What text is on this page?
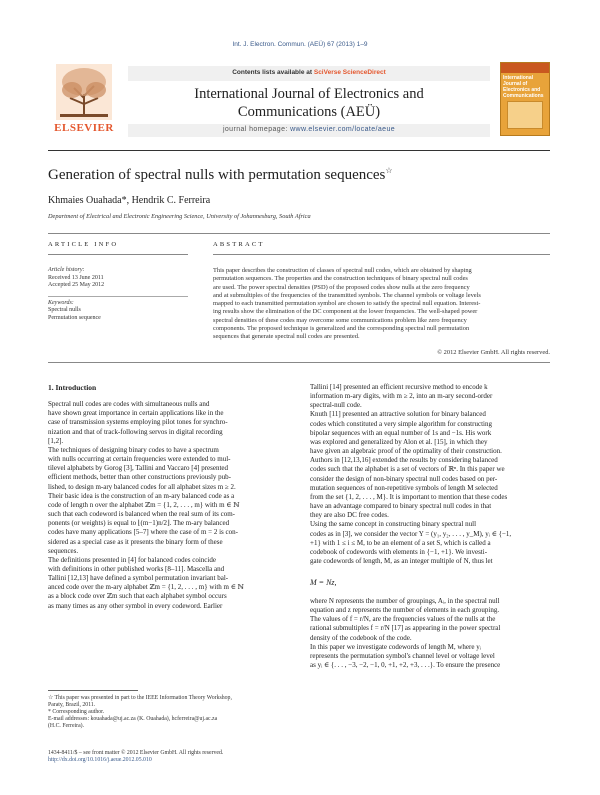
Int. J. Electron. Commun. (AEÜ) 67 (2013) 1–9
ELSEVIER
Contents lists available at SciVerse ScienceDirect
International Journal of Electronics and
Communications (AEÜ)
journal homepage: www.elsevier.com/locate/aeue
International Journal of Electronics and Communications
Generation of spectral nulls with permutation sequences☆
Khmaies Ouahada*, Hendrik C. Ferreira
Department of Electrical and Electronic Engineering Science, University of Johannesburg, South Africa
ARTICLE INFO	ABSTRACT
Article history:
Received 13 June 2011
Accepted 25 May 2012
Keywords:
Spectral nulls
Permutation sequence
This paper describes the construction of classes of spectral null codes, which are obtained by shaping
permutation sequences. The properties and the construction techniques of binary spectral null codes
are used. The power spectral densities (PSD) of the proposed codes show nulls at the zero frequency
and at submultiples of the frequencies of the transmitted symbols. The channel symbols or voltage levels
mapped to each transmitted permutation symbol are chosen to satisfy the spectral null equation. Interest-
ing results show the elimination of the DC component at the lower frequencies. The well-shaped power
spectral densities of these codes may overcome some communications problem like zero frequency
components. The proposed technique is generalized and the corresponding spectral null permutation
sequences that generate spectral null codes are presented.
© 2012 Elsevier GmbH. All rights reserved.
1. Introduction
Spectral null codes are codes with simultaneous nulls and
have shown great importance in certain applications like in the
case of transmission systems employing pilot tones for synchro-
nization and that of track-following servos in digital recording
[1,2].
The techniques of designing binary codes to have a spectrum
with nulls occurring at certain frequencies were extended to mul-
tilevel alphabets by Gorog [3], Tallini and Vaccaro [4] presented
efficient methods, better than other constructions previously pub-
lished, to design m-ary balanced codes for all alphabet sizes m ≥ 2.
Their basic idea is the construction of an m-ary balanced code as a
code of length n over the alphabet ℤm = {1, 2, . . . , m} with m ∈ ℕ
such that each codeword is balanced when the real sum of its com-
ponents (or weights) is equal to ⌊(m−1)n/2⌋. The m-ary balanced
codes have many applications [5–7] where the case of m = 2 is con-
sidered as a special case as it presents the binary form of these
sequences.
The definitions presented in [4] for balanced codes coincide
with definitions in other published works [8–11]. Mascella and
Tallini [12,13] have defined a symbol permutation invariant bal-
anced code over the m-ary alphabet ℤm = {1, 2, . . . , m} with m ∈ ℕ
as a block code over ℤm such that each alphabet symbol occurs
as many times as any other symbol in every codeword. Earlier
Tallini [14] presented an efficient recursive method to encode k
information m-ary digits, with m ≥ 2, into an m-ary second-order
spectral-null code.
Knuth [11] presented an attractive solution for binary balanced
codes which constituted a very simple algorithm for constructing
bipolar sequences with an equal number of 1s and −1s. His work
was explored and generalized by Alon et al. [15], in which they
have given an algebraic proof of the optimality of their construction.
Authors in [12,13,16] extended the results by considering balanced
codes such that the alphabet is a set of vectors of ℝⁿ. In this paper we
consider the design of non-binary spectral null codes based on per-
mutation sequences of non-repetitive symbols of length M selected
from the set {1, 2, . . . , M}. It is important to mention that these codes
have an advantage compared to binary spectral null codes in that
they are also DC free codes.
Using the same concept in constructing binary spectral null
codes as in [3], we consider the vector Y = (y₁, y₂, . . . , y_M), yᵢ ∈ {−1,
+1} with 1 ≤ i ≤ M, to be an element of a set S, which is called a
codebook of codewords with elements in {−1, +1}. We investi-
gate codewords of length, M, as an integer multiple of N, thus let
M = Nz,
where N represents the number of groupings, Aᵢ, in the spectral null
equation and z represents the number of elements in each grouping.
The values of f = r/N, are the frequencies values of the nulls at the
rational submultiples f = r/N [17] as appearing in the power spectral
density of the codebook of the code.
In this paper we investigate codewords of length M, where yᵢ
represents the permutation symbol's channel level or voltage level
as yᵢ ∈ {. . . , −3, −2, −1, 0, +1, +2, +3, . . .}. To ensure the presence
☆ This paper was presented in part to the IEEE Information Theory Workshop,
Paraty, Brazil, 2011.
* Corresponding author.
E-mail addresses: kouahada@uj.ac.za (K. Ouahada), hcferreira@uj.ac.za
(H.C. Ferreira).
1434-8411/$ – see front matter © 2012 Elsevier GmbH. All rights reserved.
http://dx.doi.org/10.1016/j.aeue.2012.05.010
